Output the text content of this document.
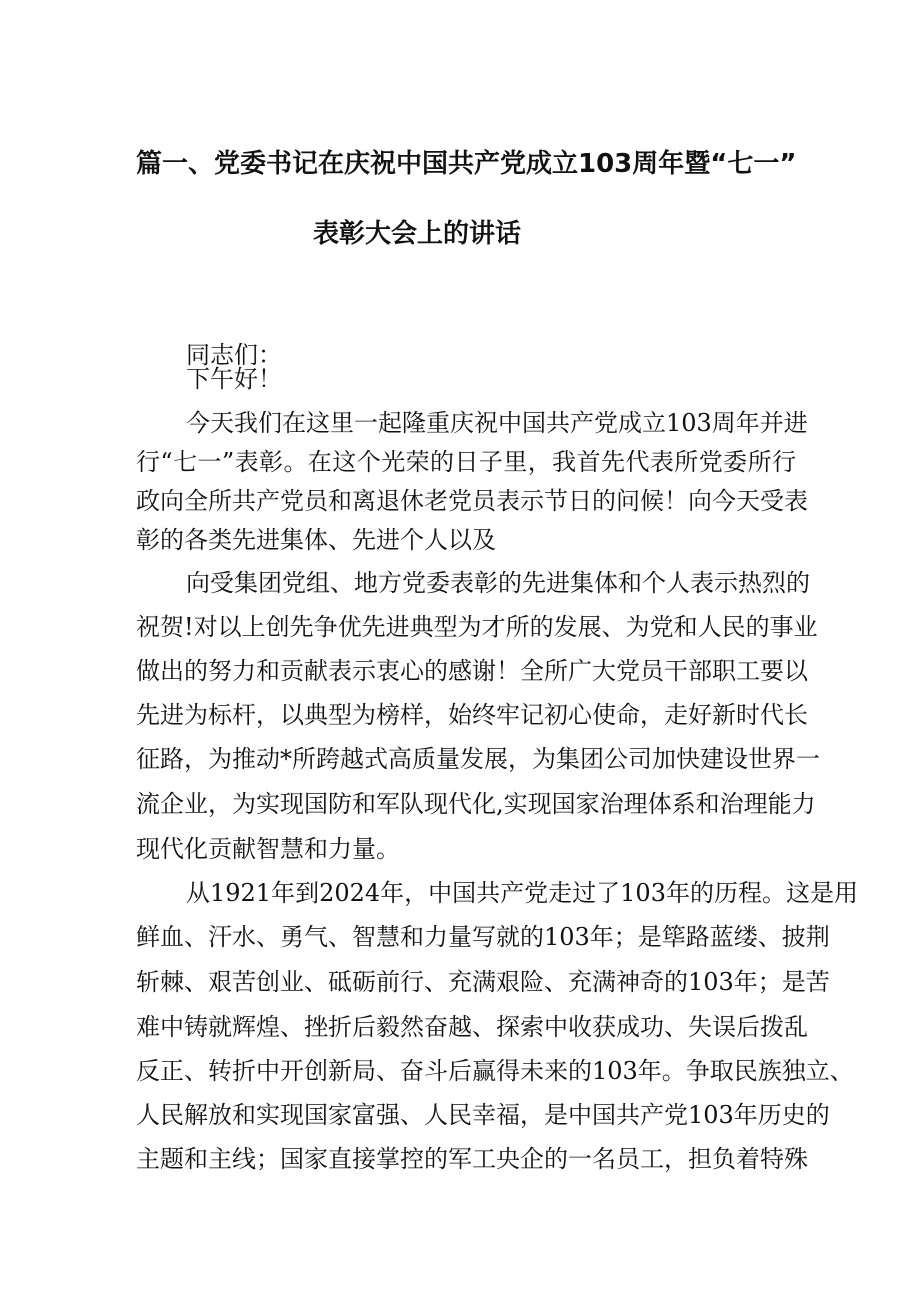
篇一、党委书记在庆祝中国共产党成立103周年暨“七一”
表彰大会上的讲话
同志们：
下午好！
今天我们在这里一起隆重庆祝中国共产党成立103周年并进
行“七一”表彰。在这个光荣的日子里，我首先代表所党委所行
政向全所共产党员和离退休老党员表示节日的问候！向今天受表
彰的各类先进集体、先进个人以及
向受集团党组、地方党委表彰的先进集体和个人表示热烈的
祝贺!对以上创先争优先进典型为才所的发展、为党和人民的事业
做出的努力和贡献表示衷心的感谢！全所广大党员干部职工要以
先进为标杆，以典型为榜样，始终牢记初心使命，走好新时代长
征路，为推动*所跨越式高质量发展，为集团公司加快建设世界一
流企业，为实现国防和军队现代化,实现国家治理体系和治理能力
现代化贡献智慧和力量。
从1921年到2024年，中国共产党走过了103年的历程。这是用
鲜血、汗水、勇气、智慧和力量写就的103年；是筚路蓝缕、披荆
斩棘、艰苦创业、砥砺前行、充满艰险、充满神奇的103年；是苦
难中铸就辉煌、挫折后毅然奋越、探索中收获成功、失误后拨乱
反正、转折中开创新局、奋斗后赢得未来的103年。争取民族独立、
人民解放和实现国家富强、人民幸福，是中国共产党103年历史的
主题和主线；国家直接掌控的军工央企的一名员工，担负着特殊
